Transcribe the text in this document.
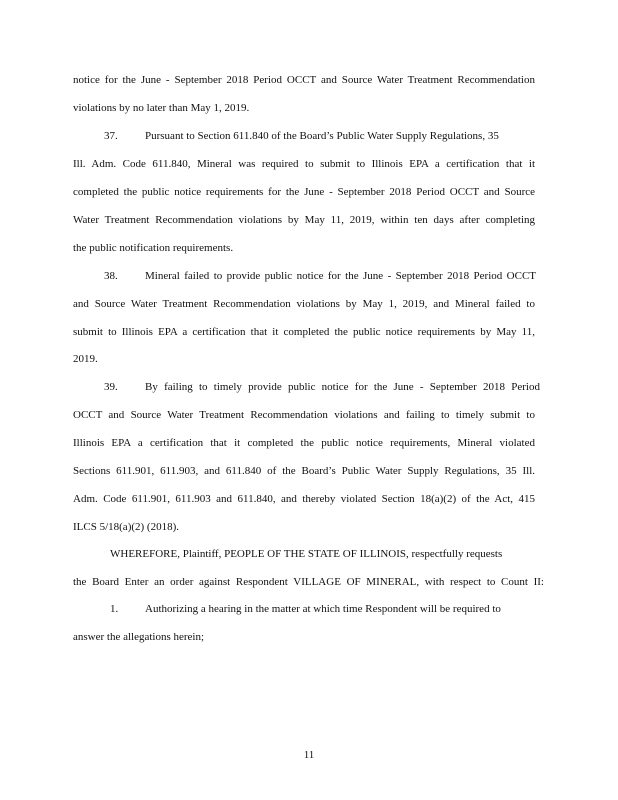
notice for the June - September 2018 Period OCCT and Source Water Treatment Recommendation
violations by no later than May 1, 2019.
37. Pursuant to Section 611.840 of the Board’s Public Water Supply Regulations, 35
Ill. Adm. Code 611.840, Mineral was required to submit to Illinois EPA a certification that it
completed the public notice requirements for the June - September 2018 Period OCCT and Source
Water Treatment Recommendation violations by May 11, 2019, within ten days after completing
the public notification requirements.
38. Mineral failed to provide public notice for the June - September 2018 Period OCCT
and Source Water Treatment Recommendation violations by May 1, 2019, and Mineral failed to
submit to Illinois EPA a certification that it completed the public notice requirements by May 11,
2019.
39. By failing to timely provide public notice for the June - September 2018 Period
OCCT and Source Water Treatment Recommendation violations and failing to timely submit to
Illinois EPA a certification that it completed the public notice requirements, Mineral violated
Sections 611.901, 611.903, and 611.840 of the Board’s Public Water Supply Regulations, 35 Ill.
Adm. Code 611.901, 611.903 and 611.840, and thereby violated Section 18(a)(2) of the Act, 415
ILCS 5/18(a)(2) (2018).
WHEREFORE, Plaintiff, PEOPLE OF THE STATE OF ILLINOIS, respectfully requests
the Board Enter an order against Respondent VILLAGE OF MINERAL, with respect to Count II:
1. Authorizing a hearing in the matter at which time Respondent will be required to
answer the allegations herein;
11
